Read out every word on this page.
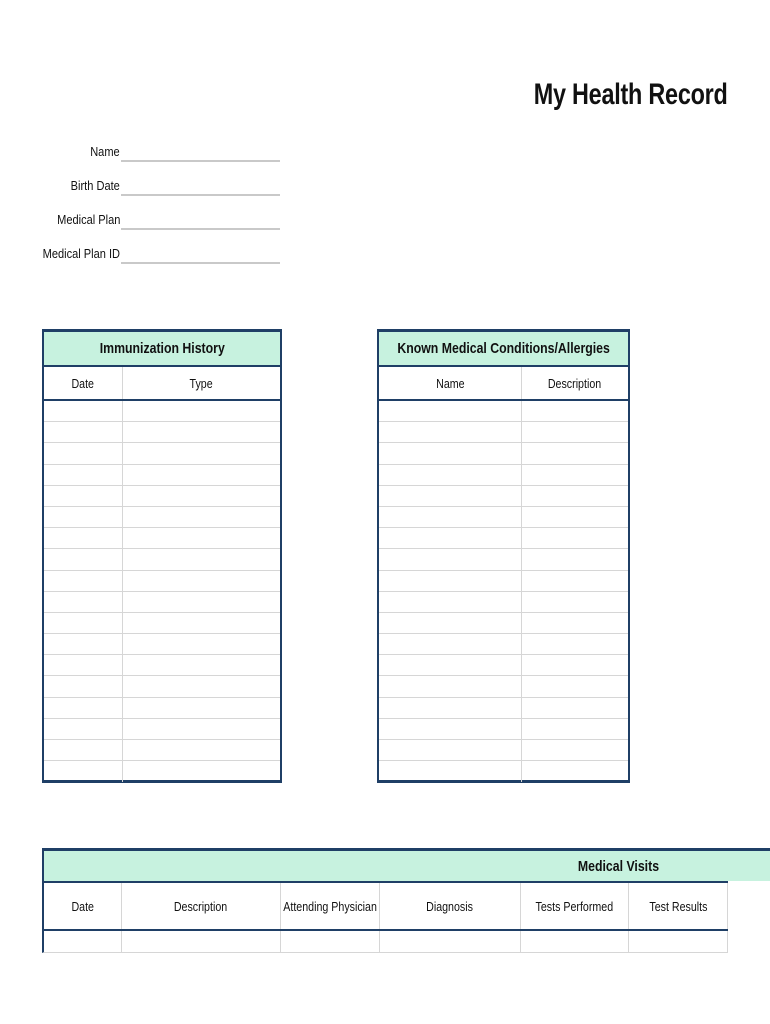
My Health Record
Name
Birth Date
Medical Plan
Medical Plan ID
Immunization History
Date	Type
Known Medical Conditions/Allergies
Name	Description
Medical Visits
Date	Description	Attending Physician	Diagnosis	Tests Performed	Test Results
